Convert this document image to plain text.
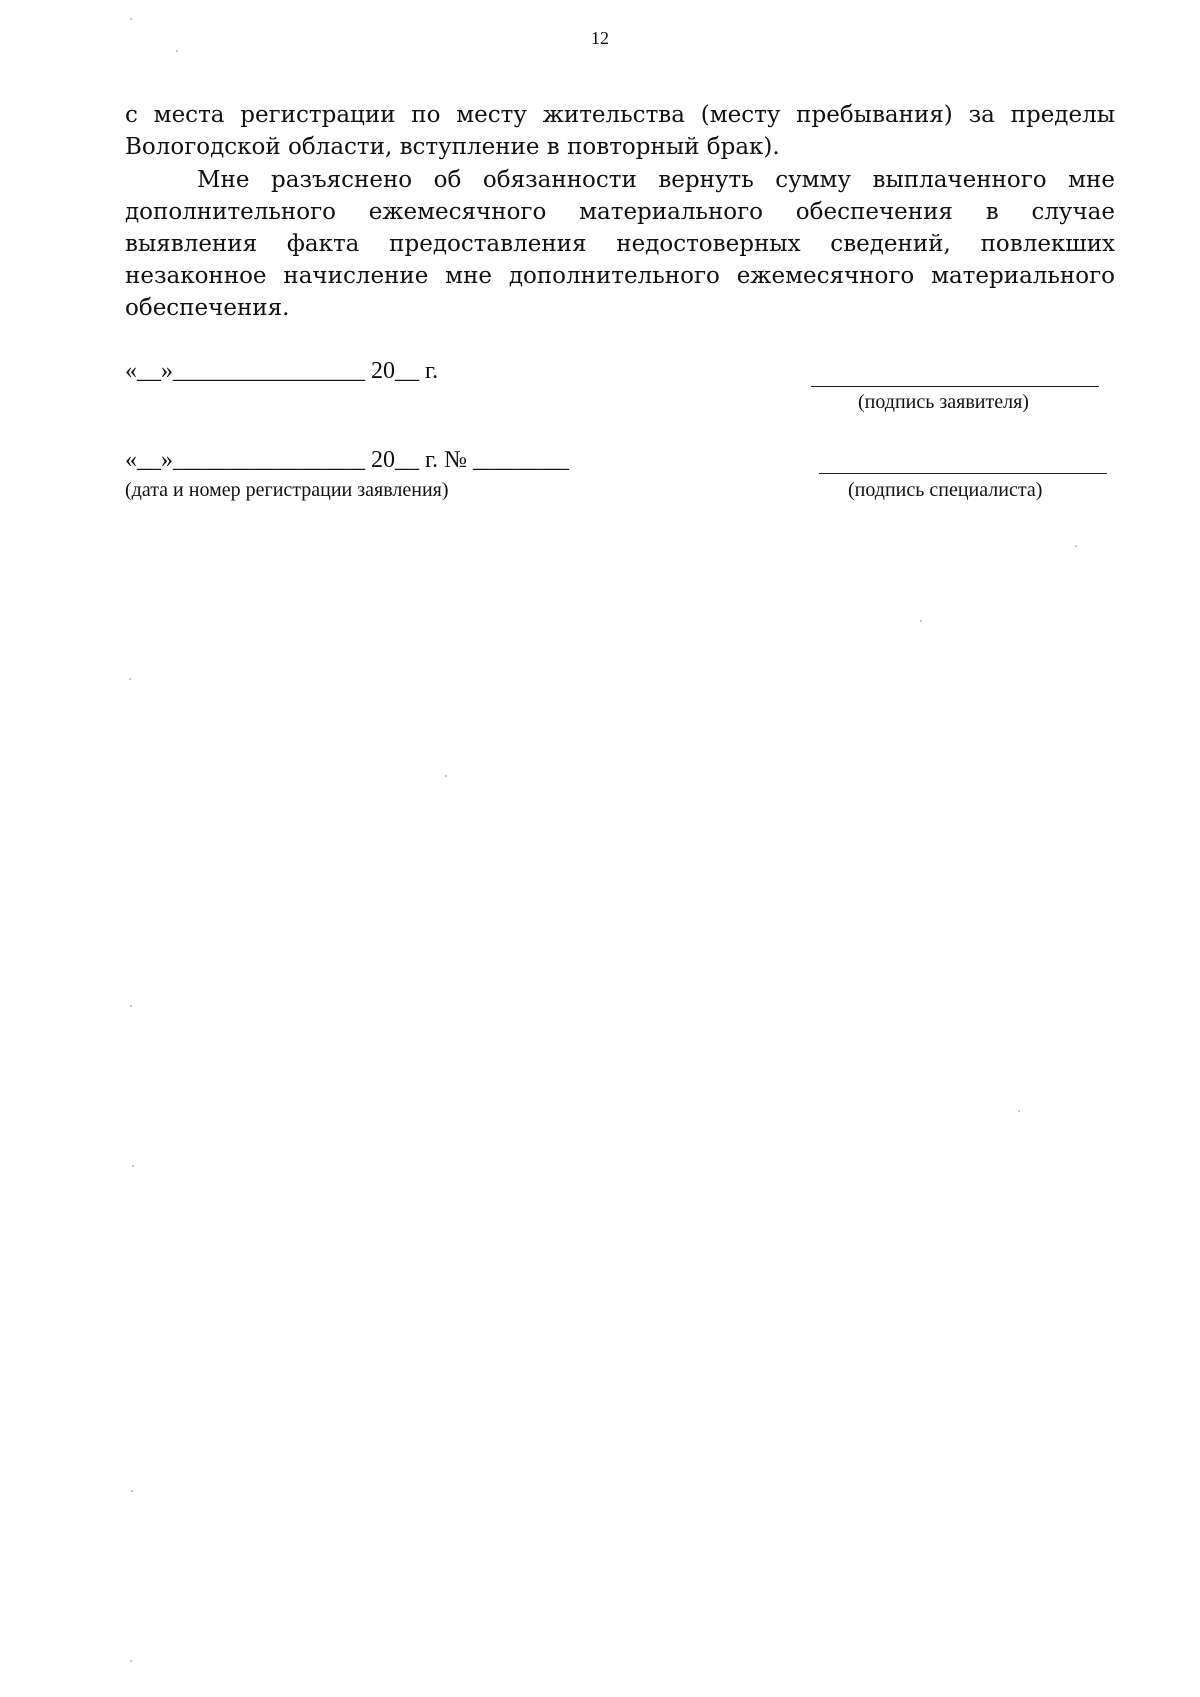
12

с места регистрации по месту жительства (месту пребывания) за пределы Вологодской области, вступление в повторный брак).

Мне разъяснено об обязанности вернуть сумму выплаченного мне дополнительного ежемесячного материального обеспечения в случае выявления факта предоставления недостоверных сведений, повлекших незаконное начисление мне дополнительного ежемесячного материального обеспечения.

«__»________________ 20__ г.
(подпись заявителя)
«__»________________ 20__ г. № ________
(дата и номер регистрации заявления)	(подпись специалиста)
